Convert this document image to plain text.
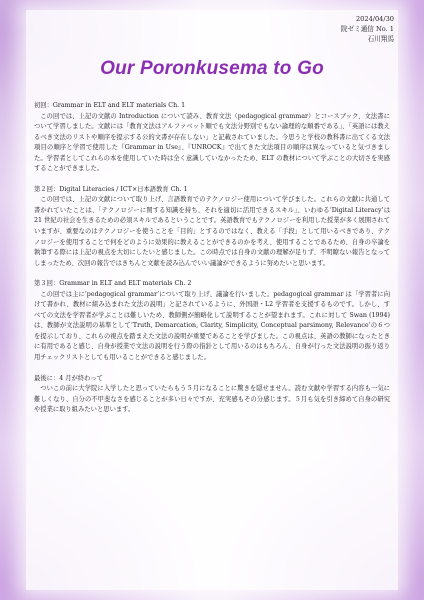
2024/04/30
院ゼミ通信 No. 1
石川翔馬
Our Poronkusema to Go

初回：Grammar in ELT and ELT materials Ch. 1

この回では、上記の文献の Introduction について読み、教育文法（pedagogical grammar）とコースブック、文法書について学習しました。文献には「教育文法はアルファベット順でも文法分野別でもない論理的な順番である」、「英語には教えるべき文法のリストや順序を提示する公的文書が存在しない」と記載されていました。今思うと学校の教科書に出てくる文法項目の順序と学習で使用した『Grammar in Use』、『UNROCK』で出てきた文法項目の順序は異なっていると気づきました。学習者としてこれらの本を使用していた時は全く意識していなかったため、ELT の教材について学ぶことの大切さを実感することができました。

第２回：Digital Literacies / ICT×日本語教育 Ch. 1

この回では、上記の文献について取り上げ、言語教育でのテクノロジー使用について学びました。これらの文献に共通して書かれていたことは、「テクノロジーに関する知識を持ち、それを適切に活用できるスキル」、いわゆる‘Digital Literacy’は 21 世紀の社会を生きるための必須スキルであるということです。英語教育でもテクノロジーを利用した授業が多く展開されていますが、重要なのはテクノロジーを使うことを「目的」とするのではなく、教える「手段」として用いるべきであり、テクノロジーを使用することで何をどのように効果的に教えることができるのかを考え、使用することであるため、自身の卒論を執筆する際には上記の視点を大切にしたいと感じました。この時点では自身の文献の理解が足りず、不明瞭ない報告となってしまったため、次回の報告ではきちんと文献を読み込んでいい議論ができるように努めたいと思います。

第３回：Grammar in ELT and ELT materials Ch. 2

この回では主に‘pedagogical grammar’について取り上げ、議論を行いました。pedagogical grammar は「学習者に向けて書かれ、教材に組み込まれた文法の説明」と記されているように、外国語・L2 学習者を支援するものです。しかし、すべての文法を学習者が学ぶことは難しいため、教師側が簡略化して説明することが望まれます。これに対して Swan (1994) は、教師が文法説明の基準として‘Truth, Demarcation, Clarity, Simplicity, Conceptual parsimony, Relevance’の６つを提示しており、これらの視点を踏まえた文法の説明が重要であることを学びました。この視点は、英語の教師になったときに有用であると感じ、自身が授業で文法の説明を行う際の指針として用いるのはもちろん、自身が行った文法説明の振り返り用チェックリストとしても用いることができると感じました。

最後に：4 月が終わって

ついこの前に大学院に入学したと思っていたらもう５月になることに驚きを隠せません。読む文献や学習する内容も一気に難しくなり、自分の不甲斐なさを感じることが多い日々ですが、充実感もその分感じます。５月も気を引き締めて自身の研究や授業に取り組みたいと思います。
